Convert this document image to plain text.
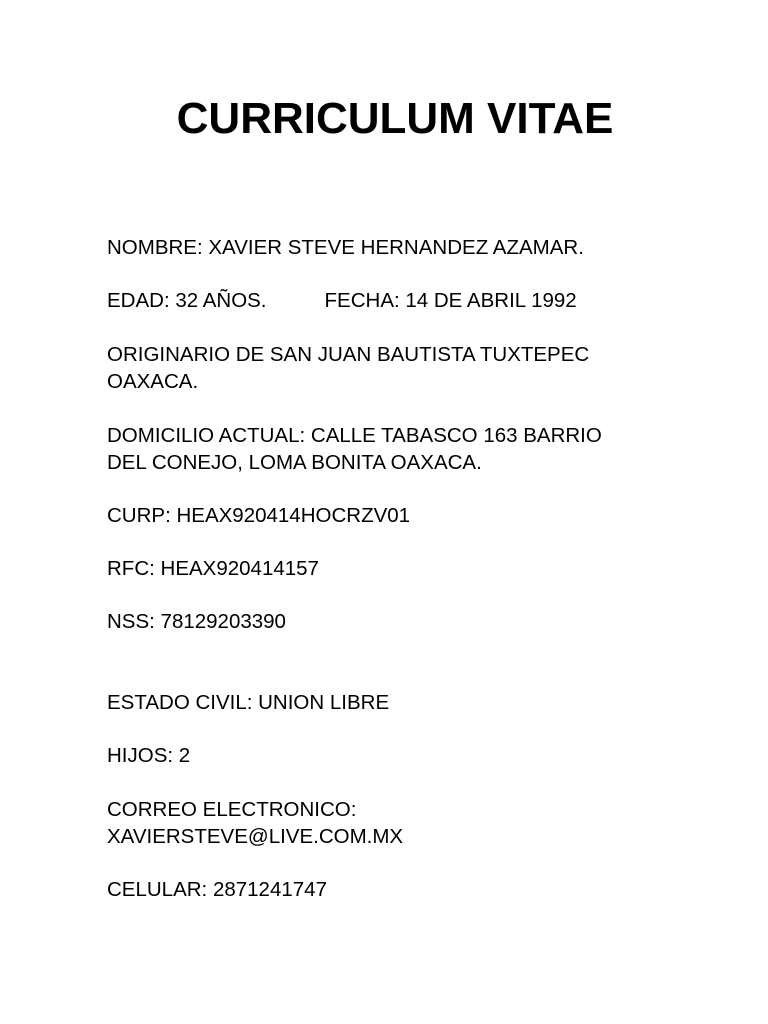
CURRICULUM VITAE

NOMBRE: XAVIER STEVE HERNANDEZ AZAMAR.

EDAD: 32 AÑOS.	FECHA: 14 DE ABRIL 1992

ORIGINARIO DE SAN JUAN BAUTISTA TUXTEPEC

OAXACA.

DOMICILIO ACTUAL: CALLE TABASCO 163 BARRIO

DEL CONEJO, LOMA BONITA OAXACA.

CURP: HEAX920414HOCRZV01

RFC: HEAX920414157

NSS: 78129203390

ESTADO CIVIL: UNION LIBRE

HIJOS: 2

CORREO ELECTRONICO:

XAVIERSTEVE@LIVE.COM.MX

CELULAR: 2871241747
